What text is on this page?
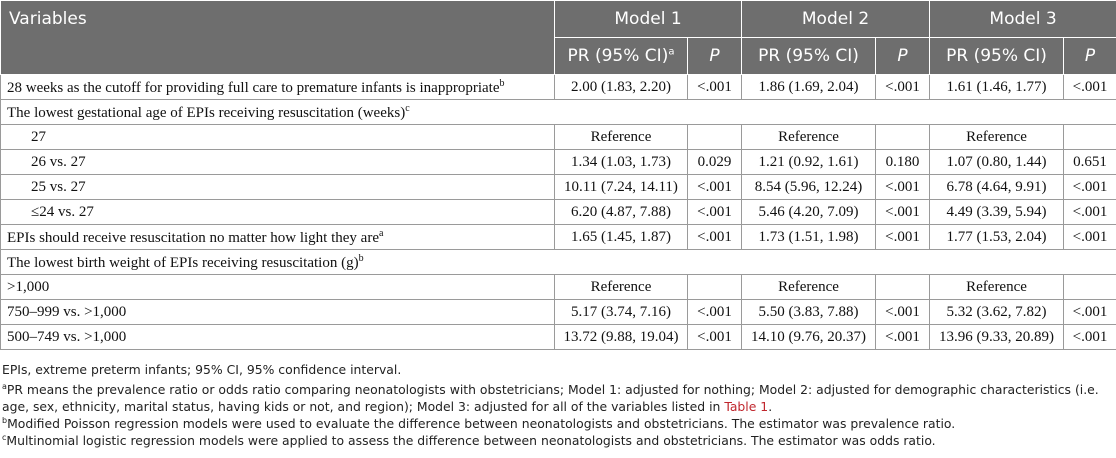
Variables	Model 1		Model 2		Model 3	
	PR (95% CI)$^a$	P	PR (95% CI)	P	PR (95% CI)	P
28 weeks as the cutoff for providing full care to premature infants is inappropriate$^b$	2.00 (1.83, 2.20)	<.001	1.86 (1.69, 2.04)	<.001	1.61 (1.46, 1.77)	<.001
The lowest gestational age of EPIs receiving resuscitation (weeks)$^c$
27	Reference		Reference		Reference	
26 vs. 27	1.34 (1.03, 1.73)	0.029	1.21 (0.92, 1.61)	0.180	1.07 (0.80, 1.44)	0.651
25 vs. 27	10.11 (7.24, 14.11)	<.001	8.54 (5.96, 12.24)	<.001	6.78 (4.64, 9.91)	<.001
≤24 vs. 27	6.20 (4.87, 7.88)	<.001	5.46 (4.20, 7.09)	<.001	4.49 (3.39, 5.94)	<.001
EPIs should receive resuscitation no matter how light they are$^a$	1.65 (1.45, 1.87)	<.001	1.73 (1.51, 1.98)	<.001	1.77 (1.53, 2.04)	<.001
The lowest birth weight of EPIs receiving resuscitation $(g)^b$
>1,000	Reference		Reference		Reference	
750–999 vs. >1,000	5.17 (3.74, 7.16)	<.001	5.50 (3.83, 7.88)	<.001	5.32 (3.62, 7.82)	<.001
500–749 vs. >1,000	13.72 (9.88, 19.04)	<.001	14.10 (9.76, 20.37)	<.001	13.96 (9.33, 20.89)	<.001
EPIs, extreme preterm infants; 95% CI, 95% confidence interval.
$^a$PR means the prevalence ratio or odds ratio comparing neonatologists with obstetricians; Model 1: adjusted for nothing; Model 2: adjusted for demographic characteristics (i.e. age, sex, ethnicity, marital status, having kids or not, and region); Model 3: adjusted for all of the variables listed in Table 1.
$^b$Modified Poisson regression models were used to evaluate the difference between neonatologists and obstetricians. The estimator was prevalence ratio.
$^c$Multinomial logistic regression models were applied to assess the difference between neonatologists and obstetricians. The estimator was odds ratio.
